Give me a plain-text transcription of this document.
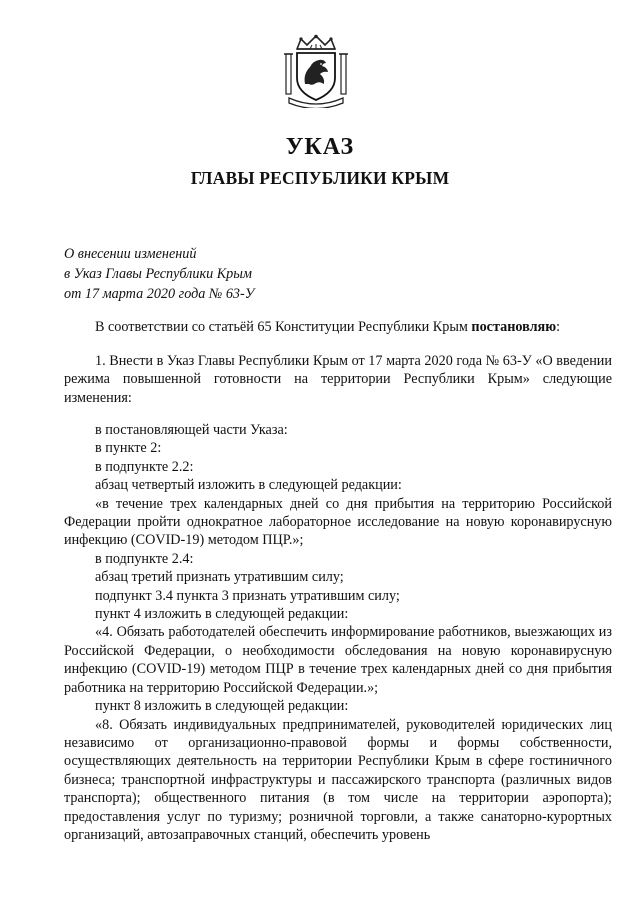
УКАЗ
ГЛАВЫ РЕСПУБЛИКИ КРЫМ
О внесении изменений
в Указ Главы Республики Крым
от 17 марта 2020 года № 63-У

В соответствии со статьёй 65 Конституции Республики Крым постановляю:

1. Внести в Указ Главы Республики Крым от 17 марта 2020 года № 63-У «О введении режима повышенной готовности на территории Республики Крым» следующие изменения:

в постановляющей части Указа:

в пункте 2:

в подпункте 2.2:

абзац четвертый изложить в следующей редакции:

«в течение трех календарных дней со дня прибытия на территорию Российской Федерации пройти однократное лабораторное исследование на новую коронавирусную инфекцию (COVID-19) методом ПЦР.»;

в подпункте 2.4:

абзац третий признать утратившим силу;

подпункт 3.4 пункта 3 признать утратившим силу;

пункт 4 изложить в следующей редакции:

«4. Обязать работодателей обеспечить информирование работников, выезжающих из Российской Федерации, о необходимости обследования на новую коронавирусную инфекцию (COVID-19) методом ПЦР в течение трех календарных дней со дня прибытия работника на территорию Российской Федерации.»;

пункт 8 изложить в следующей редакции:

«8. Обязать индивидуальных предпринимателей, руководителей юридических лиц независимо от организационно-правовой формы и формы собственности, осуществляющих деятельность на территории Республики Крым в сфере гостиничного бизнеса; транспортной инфраструктуры и пассажирского транспорта (различных видов транспорта); общественного питания (в том числе на территории аэропорта); предоставления услуг по туризму; розничной торговли, а также санаторно-курортных организаций, автозаправочных станций, обеспечить уровень
